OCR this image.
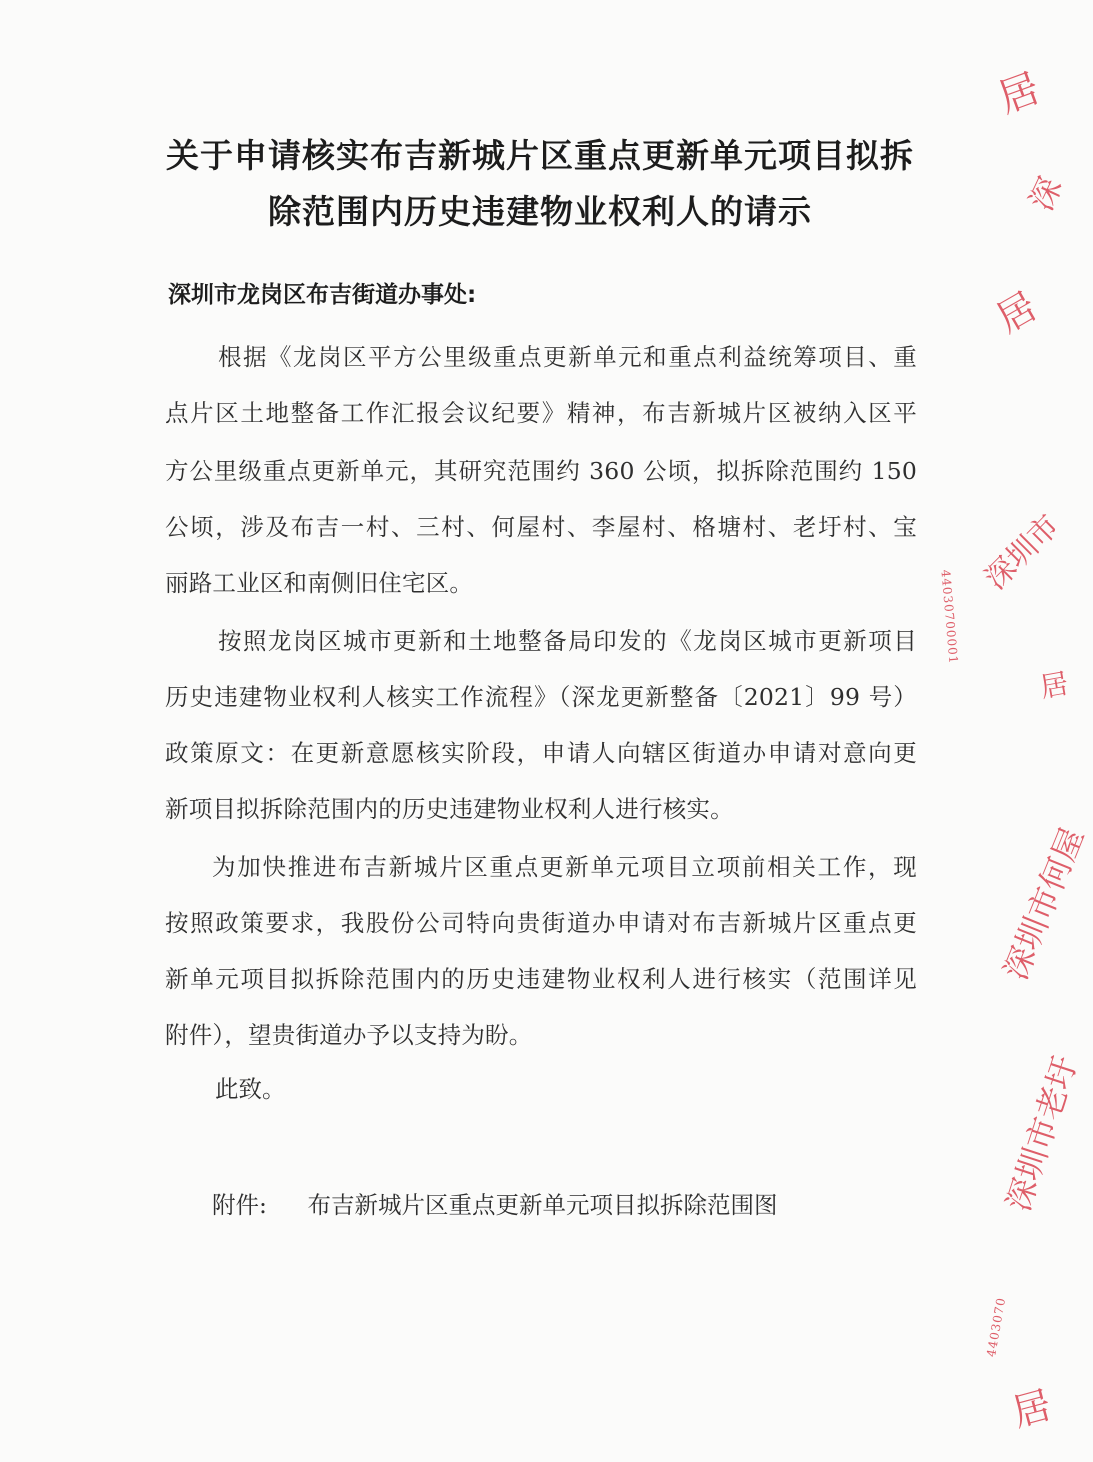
关于申请核实布吉新城片区重点更新单元项目拟拆
除范围内历史违建物业权利人的请示
深圳市龙岗区布吉街道办事处:
根据《龙岗区平方公里级重点更新单元和重点利益统筹项目、重
点片区土地整备工作汇报会议纪要》精神，布吉新城片区被纳入区平
方公里级重点更新单元，其研究范围约 360 公顷，拟拆除范围约 150
公顷，涉及布吉一村、三村、何屋村、李屋村、格塘村、老圩村、宝
丽路工业区和南侧旧住宅区。
按照龙岗区城市更新和土地整备局印发的《龙岗区城市更新项目
历史违建物业权利人核实工作流程》（深龙更新整备〔2021〕99 号）
政策原文：在更新意愿核实阶段，申请人向辖区街道办申请对意向更
新项目拟拆除范围内的历史违建物业权利人进行核实。
为加快推进布吉新城片区重点更新单元项目立项前相关工作，现
按照政策要求，我股份公司特向贵街道办申请对布吉新城片区重点更
新单元项目拟拆除范围内的历史违建物业权利人进行核实（范围详见
附件），望贵街道办予以支持为盼。
此致。
附件: 布吉新城片区重点更新单元项目拟拆除范围图
居
深
居
深圳市
44030700001
居
深圳市何屋
深圳市老圩
4403070
居
